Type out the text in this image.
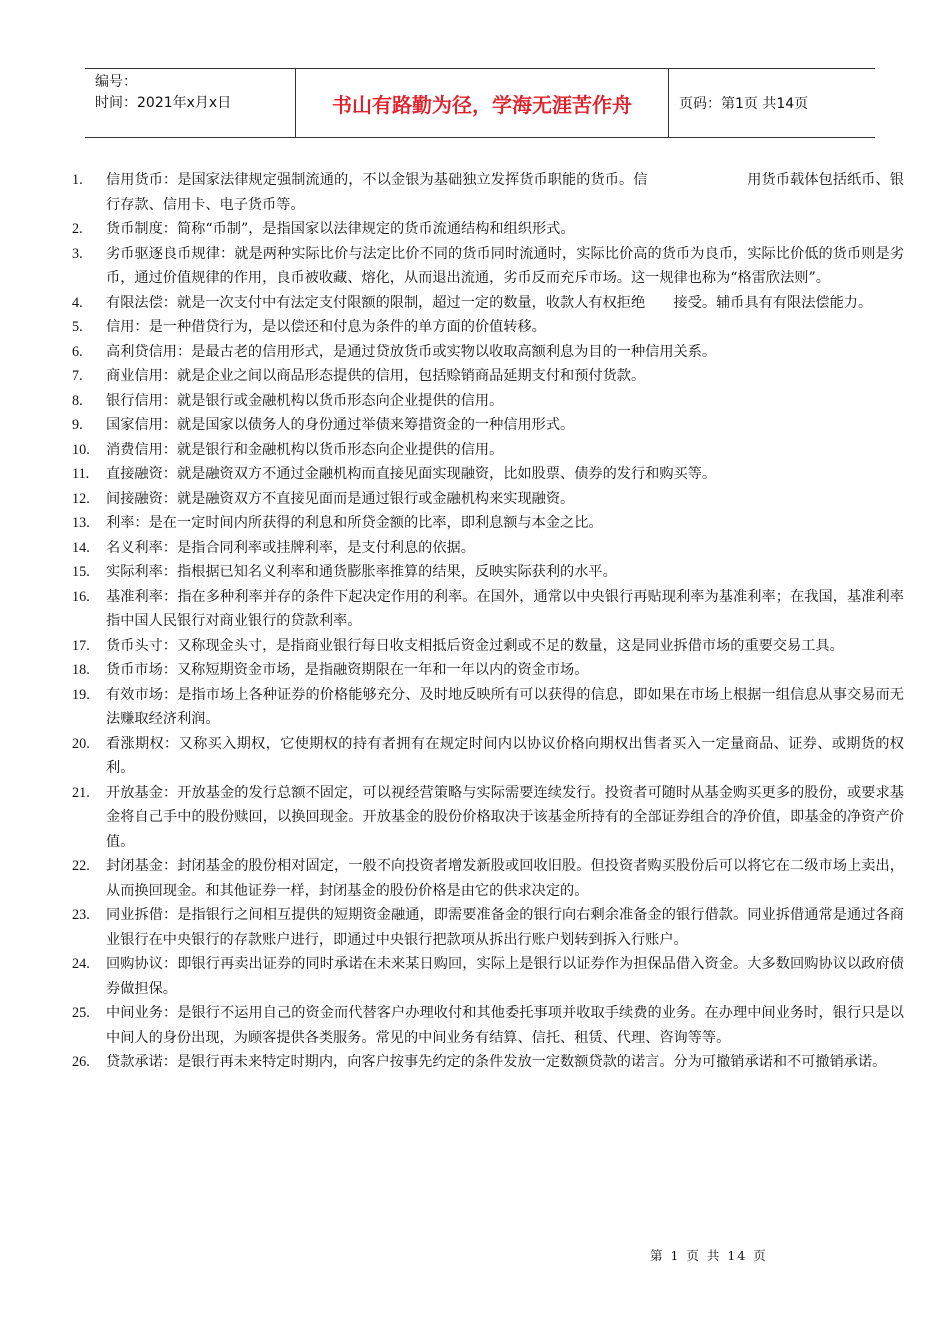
编号：
时间：2021年x月x日	书山有路勤为径，学海无涯苦作舟	页码：第1页 共14页
1.	信用货币：是国家法律规定强制流通的，不以金银为基础独立发挥货币职能的货币。信　　　　　　　用货币载体包括纸币、银行存款、信用卡、电子货币等。
2.	货币制度：简称“币制”，是指国家以法律规定的货币流通结构和组织形式。
3.	劣币驱逐良币规律：就是两种实际比价与法定比价不同的货币同时流通时，实际比价高的货币为良币，实际比价低的货币则是劣币，通过价值规律的作用，良币被收藏、熔化，从而退出流通，劣币反而充斥市场。这一规律也称为“格雷欣法则”。
4.	有限法偿：就是一次支付中有法定支付限额的限制，超过一定的数量，收款人有权拒绝　　接受。辅币具有有限法偿能力。
5.	信用：是一种借贷行为，是以偿还和付息为条件的单方面的价值转移。
6.	高利贷信用：是最古老的信用形式，是通过贷放货币或实物以收取高额利息为目的一种信用关系。
7.	商业信用：就是企业之间以商品形态提供的信用，包括赊销商品延期支付和预付货款。
8.	银行信用：就是银行或金融机构以货币形态向企业提供的信用。
9.	国家信用：就是国家以债务人的身份通过举债来筹措资金的一种信用形式。
10.	消费信用：就是银行和金融机构以货币形态向企业提供的信用。
11.	直接融资：就是融资双方不通过金融机构而直接见面实现融资，比如股票、债券的发行和购买等。
12.	间接融资：就是融资双方不直接见面而是通过银行或金融机构来实现融资。
13.	利率：是在一定时间内所获得的利息和所贷金额的比率，即利息额与本金之比。
14.	名义利率：是指合同利率或挂牌利率，是支付利息的依据。
15.	实际利率：指根据已知名义利率和通货膨胀率推算的结果，反映实际获利的水平。
16.	基准利率：指在多种利率并存的条件下起决定作用的利率。在国外，通常以中央银行再贴现利率为基准利率；在我国，基准利率指中国人民银行对商业银行的贷款利率。
17.	货币头寸：又称现金头寸，是指商业银行每日收支相抵后资金过剩或不足的数量，这是同业拆借市场的重要交易工具。
18.	货币市场：又称短期资金市场，是指融资期限在一年和一年以内的资金市场。
19.	有效市场：是指市场上各种证券的价格能够充分、及时地反映所有可以获得的信息，即如果在市场上根据一组信息从事交易而无法赚取经济利润。
20.	看涨期权：又称买入期权，它使期权的持有者拥有在规定时间内以协议价格向期权出售者买入一定量商品、证券、或期货的权利。
21.	开放基金：开放基金的发行总额不固定，可以视经营策略与实际需要连续发行。投资者可随时从基金购买更多的股份，或要求基金将自己手中的股份赎回，以换回现金。开放基金的股份价格取决于该基金所持有的全部证券组合的净价值，即基金的净资产价值。
22.	封闭基金：封闭基金的股份相对固定，一般不向投资者增发新股或回收旧股。但投资者购买股份后可以将它在二级市场上卖出，从而换回现金。和其他证券一样，封闭基金的股份价格是由它的供求决定的。
23.	同业拆借：是指银行之间相互提供的短期资金融通，即需要准备金的银行向右剩余准备金的银行借款。同业拆借通常是通过各商业银行在中央银行的存款账户进行，即通过中央银行把款项从拆出行账户划转到拆入行账户。
24.	回购协议：即银行再卖出证券的同时承诺在未来某日购回，实际上是银行以证券作为担保品借入资金。大多数回购协议以政府债券做担保。
25.	中间业务：是银行不运用自己的资金而代替客户办理收付和其他委托事项并收取手续费的业务。在办理中间业务时，银行只是以中间人的身份出现，为顾客提供各类服务。常见的中间业务有结算、信托、租赁、代理、咨询等等。
26.	贷款承诺：是银行再未来特定时期内，向客户按事先约定的条件发放一定数额贷款的诺言。分为可撤销承诺和不可撤销承诺。
第 1 页 共 14 页
